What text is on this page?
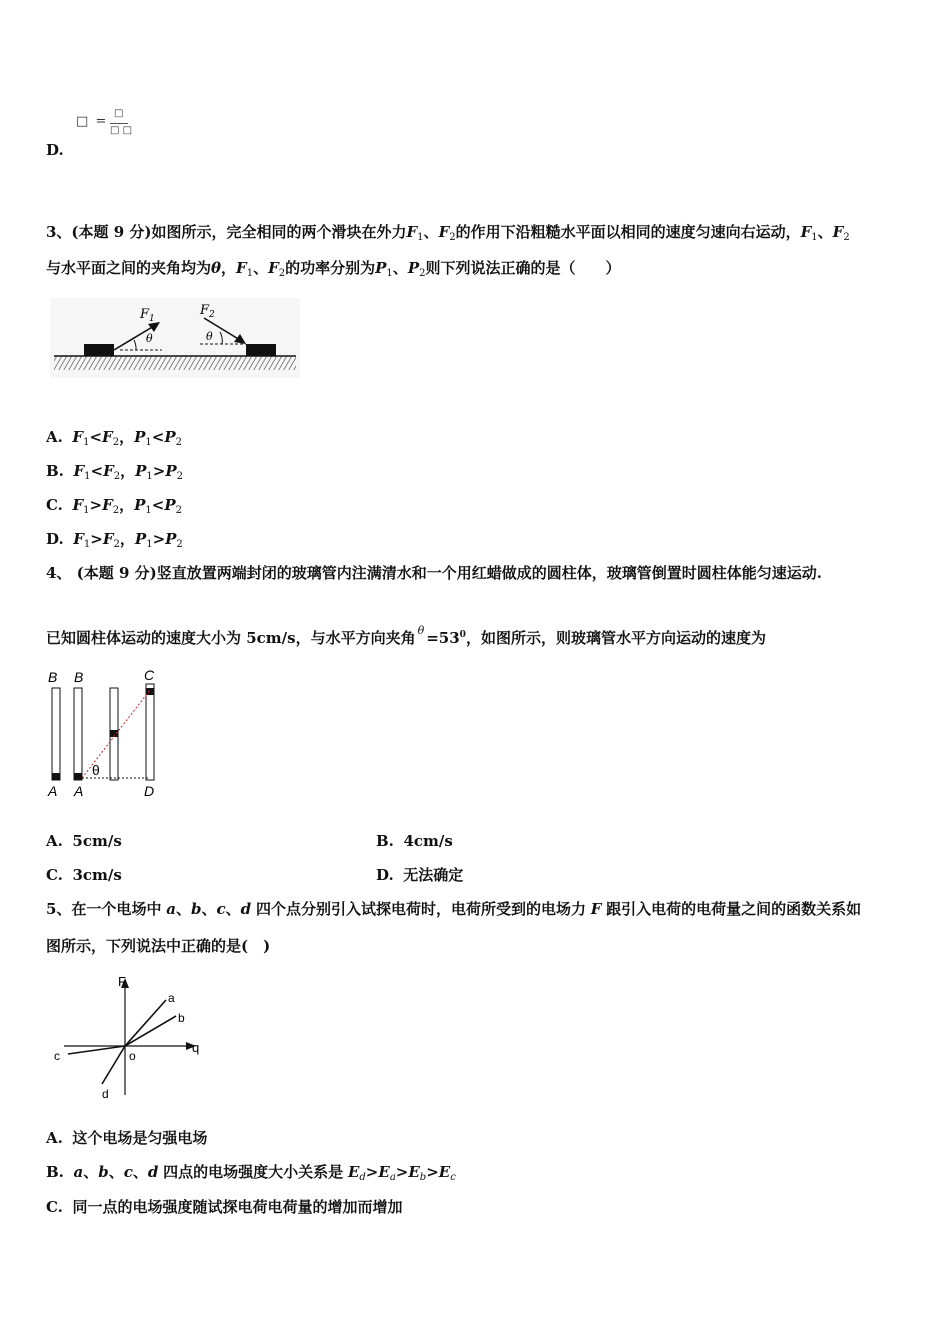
□ =
□
□ □
D.
3、(本题 9 分)如图所示，完全相同的两个滑块在外力$F_1$、$F_2$的作用下沿粗糙水平面以相同的速度匀速向右运动，$F_1$、$F_2$
与水平面之间的夹角均为θ，$F_1$、$F_2$的功率分别为$P_1$、$P_2$则下列说法正确的是（　　）
$F_1$
θ
$F_2$
θ
A. $F_1<F_2$，$P_1<P_2$
B. $F_1<F_2$，$P_1>P_2$
C. $F_1>F_2$，$P_1<P_2$
D. $F_1>F_2$，$P_1>P_2$
4、 (本题 9 分)竖直放置两端封闭的玻璃管内注满清水和一个用红蜡做成的圆柱体，玻璃管倒置时圆柱体能匀速运动.
已知圆柱体运动的速度大小为 5cm/s，与水平方向夹角 $^\theta =53^0$，如图所示，则玻璃管水平方向运动的速度为
B B	C
A A	D
θ
A. 5cm/s	B. 4cm/s
C. 3cm/s	D. 无法确定
5、在一个电场中 a、b、c、d 四个点分别引入试探电荷时，电荷所受到的电场力 F 跟引入电荷的电荷量之间的函数关系如
图所示，下列说法中正确的是(　)
F
q
o
a
b
c
d
A. 这个电场是匀强电场
B. a、b、c、d 四点的电场强度大小关系是 $E_d>E_a>E_b>E_c$
C. 同一点的电场强度随试探电荷电荷量的增加而增加
